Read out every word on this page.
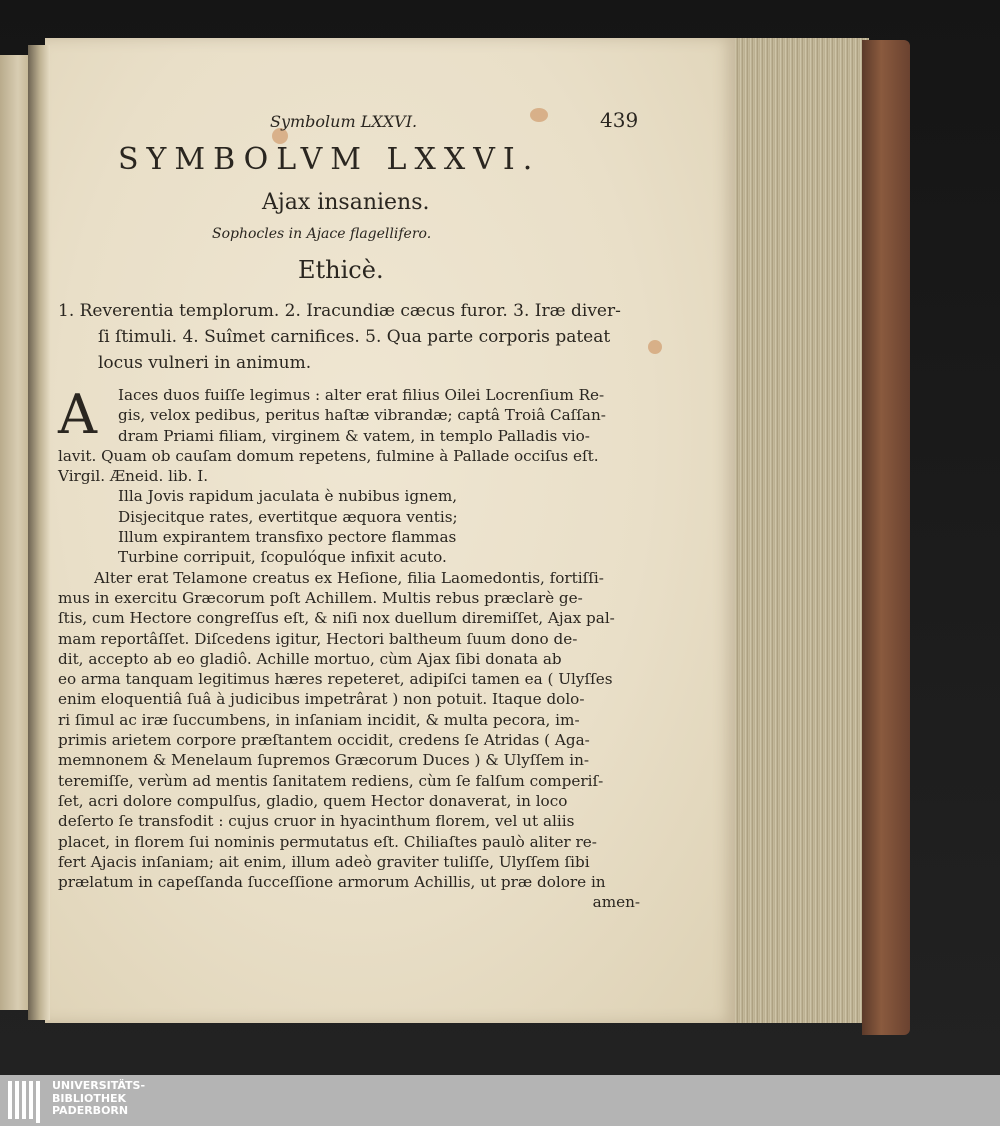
Symbolum LXXVI.	439
SYMBOLVM LXXVI.
Ajax insaniens.
Sophocles in Ajace flagellifero.
Ethicè.
1. Reverentia templorum. 2. Iracundiæ cæcus furor. 3. Iræ diver-
ſi ſtimuli. 4. Suîmet carnifices. 5. Qua parte corporis pateat
locus vulneri in animum.
A	Iaces duos fuiſſe legimus : alter erat filius Oilei Locrenſium Re-
gis, velox pedibus, peritus haſtæ vibrandæ; captâ Troiâ Caſſan-
dram Priami filiam, virginem & vatem, in templo Palladis vio-
lavit. Quam ob cauſam domum repetens, fulmine à Pallade occiſus eſt.
Virgil. Æneid. lib. I.
Illa Jovis rapidum jaculata è nubibus ignem,
Disjecitque rates, evertitque æquora ventis;
Illum expirantem transfixo pectore flammas
Turbine corripuit, ſcopulóque infixit acuto.
Alter erat Telamone creatus ex Heſione, filia Laomedontis, fortiſſi-
mus in exercitu Græcorum poſt Achillem. Multis rebus præclarè ge-
ſtis, cum Hectore congreſſus eſt, & niſi nox duellum diremiſſet, Ajax pal-
mam reportâſſet. Diſcedens igitur, Hectori baltheum ſuum dono de-
dit, accepto ab eo gladiô. Achille mortuo, cùm Ajax ſibi donata ab
eo arma tanquam legitimus hæres repeteret, adipiſci tamen ea ( Ulyſſes
enim eloquentiâ ſuâ à judicibus impetrârat ) non potuit. Itaque dolo-
ri ſimul ac iræ ſuccumbens, in inſaniam incidit, & multa pecora, im-
primis arietem corpore præſtantem occidit, credens ſe Atridas ( Aga-
memnonem & Menelaum ſupremos Græcorum Duces ) & Ulyſſem in-
teremiſſe, verùm ad mentis ſanitatem rediens, cùm ſe falſum comperiſ-
ſet, acri dolore compulſus, gladio, quem Hector donaverat, in loco
deſerto ſe transfodit : cujus cruor in hyacinthum florem, vel ut aliis
placet, in florem ſui nominis permutatus eſt. Chiliaſtes paulò aliter re-
fert Ajacis inſaniam; ait enim, illum adeò graviter tuliſſe, Ulyſſem ſibi
prælatum in capeſſanda ſucceſſione armorum Achillis, ut præ dolore in
amen-
UNIVERSITÄTS-
BIBLIOTHEK
PADERBORN
